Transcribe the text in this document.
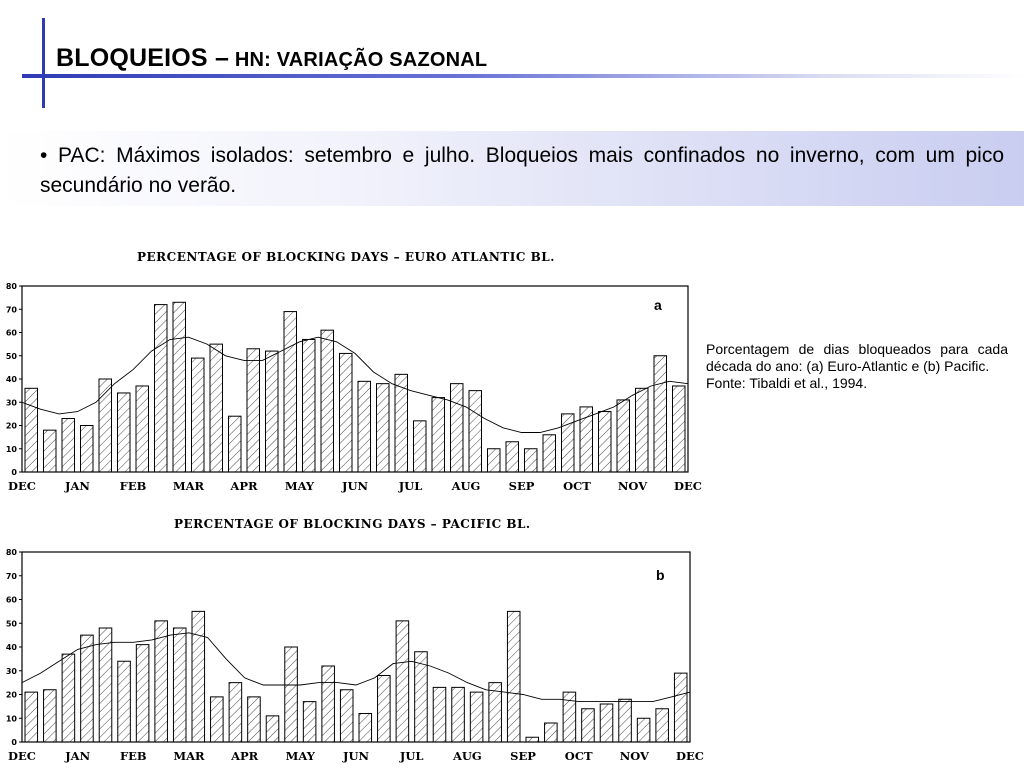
BLOQUEIOS – HN: VARIAÇÃO SAZONAL
• PAC: Máximos isolados: setembro e julho. Bloqueios mais confinados no inverno, com um pico secundário no verão.
PERCENTAGE OF BLOCKING DAYS – EURO ATLANTIC BL.
0
10
20
30
40
50
60
70
80
DEC	JAN	FEB MAR APR MAY JUN	JUL	AUG SEP	OCT NOV DEC
a
PERCENTAGE OF BLOCKING DAYS – PACIFIC BL.
0
10
20
30
40
50
60
70
80
DEC	JAN	FEB MAR APR MAY JUN	JUL	AUG SEP	OCT NOV DEC
b
Porcentagem de dias bloqueados para cada década do ano: (a) Euro-Atlantic e (b) Pacific.
Fonte: Tibaldi et al., 1994.
